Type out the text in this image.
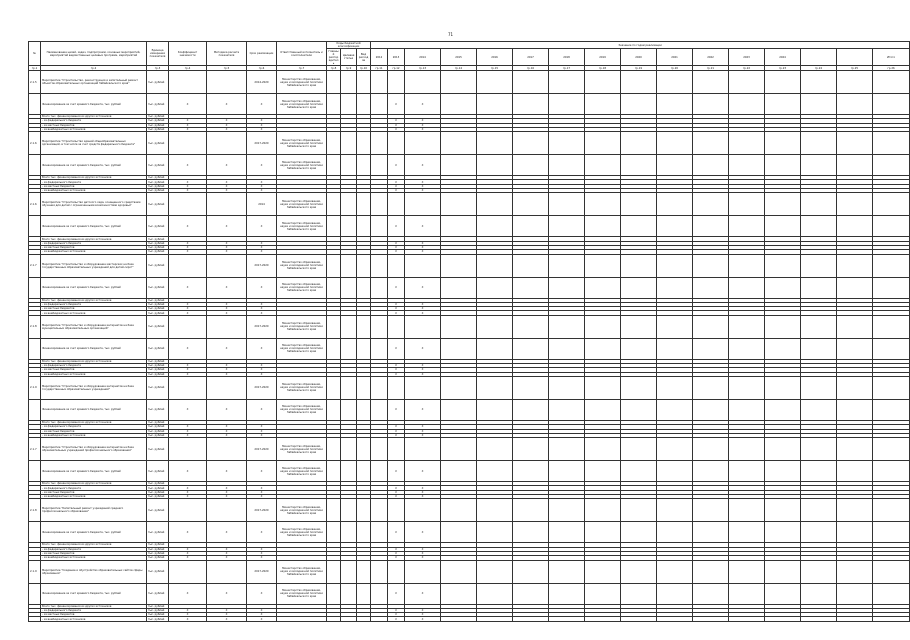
71
№	Наименование целей, задач, подпрограмм, основных мероприятий, мероприятий ведомственных целевых программ, мероприятий	Единица измерения показателя	Коэффициент значимости	Методика расчета показателя	Срок реализации	Ответственный исполнитель и соисполнители	Коды бюджетной классификации			Значение по годам реализации															
							Главный распорядитель	Целевая статья	Вид расходов	2012	2013	2014	2015	2016	2017	2018	2019	2020	2021	2022	2023	2024			Итого
гр.1	гр.2	гр.3	гр.4	гр.5	гр.6	гр.7	гр.8	гр.9	гр.10	гр.11	гр.12	гр.13	гр.14	гр.15	гр.16	гр.17	гр.18	гр.19	гр.20	гр.21	гр.22	гр.23	гр.24	гр.25	гр.26
2.1.5	Мероприятие "Строительство, реконструкция и капитальный ремонт объектов образовательных организаций Забайкальского края"	тыс. рублей			2014-2020	Министерство образования, науки и молодежной политики Забайкальского края																			
	Финансирование за счет краевого бюджета, тыс. рублей	тыс. рублей	X	X	X	Министерство образования, науки и молодежной политики Забайкальского края					X	X													
	Всего тыс. финансирования из других источников	тыс. рублей																							
	- из федерального бюджета	тыс. рублей	X	X	X						X	X													
	- из местных бюджетов	тыс. рублей	X	X	X						X	X													
	- из внебюджетных источников	тыс. рублей	X	X	X						X	X													
2.1.6	Мероприятие "Строительство зданий общеобразовательных организаций, в том числе за счет средств федерального бюджета"	тыс. рублей			2017-2020	Министерство образования, науки и молодежной политики Забайкальского края																			
	Финансирование за счет краевого бюджета, тыс. рублей	тыс. рублей	X	X	X	Министерство образования, науки и молодежной политики Забайкальского края					X	X													
	Всего тыс. финансирования из других источников	тыс. рублей																							
	- из федерального бюджета	тыс. рублей	X	X	X						X	X													
	- из местных бюджетов	тыс. рублей	X	X	X						X	X													
	- из внебюджетных источников	тыс. рублей	X	X	X						X	X													
2.1.6	Мероприятие "Строительство детского сада, оснащенного средствами обучения для детей с ограниченными возможностями здоровья"	тыс. рублей			2014	Министерство образования, науки и молодежной политики Забайкальского края																			
	Финансирование за счет краевого бюджета, тыс. рублей	тыс. рублей	X	X	X	Министерство образования, науки и молодежной политики Забайкальского края					X	X													
	Всего тыс. финансирования из других источников	тыс. рублей																							
	- из федерального бюджета	тыс. рублей	X	X	X						X	X													
	- из местных бюджетов	тыс. рублей	X	X	X						X	X													
	- из внебюджетных источников	тыс. рублей	X	X	X						X	X													
2.1.7	Мероприятие "Строительство и оборудование мастерских на базе государственных образовательных учреждений для детей-сирот"	тыс. рублей			2017-2020	Министерство образования, науки и молодежной политики Забайкальского края																			
	Финансирование за счет краевого бюджета, тыс. рублей	тыс. рублей	X	X	X	Министерство образования, науки и молодежной политики Забайкальского края					X	X													
	Всего тыс. финансирования из других источников	тыс. рублей																							
	- из федерального бюджета	тыс. рублей	X	X	X						X	X													
	- из местных бюджетов	тыс. рублей	X	X	X						X	X													
	- из внебюджетных источников	тыс. рублей	X	X	X						X	X													
2.1.8	Мероприятие "Строительство и оборудование интернатов на базе муниципальных образовательных организаций"	тыс. рублей			2017-2020	Министерство образования, науки и молодежной политики Забайкальского края																			
	Финансирование за счет краевого бюджета, тыс. рублей	тыс. рублей	X	X	X	Министерство образования, науки и молодежной политики Забайкальского края					X	X													
	Всего тыс. финансирования из других источников	тыс. рублей																							
	- из федерального бюджета	тыс. рублей	X	X	X						X	X													
	- из местных бюджетов	тыс. рублей	X	X	X						X	X													
	- из внебюджетных источников	тыс. рублей	X	X	X						X	X													
2.1.9	Мероприятие "Строительство и оборудование интернатов на базе государственных образовательных учреждений"	тыс. рублей			2017-2020	Министерство образования, науки и молодежной политики Забайкальского края																			
	Финансирование за счет краевого бюджета, тыс. рублей	тыс. рублей	X	X	X	Министерство образования, науки и молодежной политики Забайкальского края					X	X													
	Всего тыс. финансирования из других источников	тыс. рублей																							
	- из федерального бюджета	тыс. рублей	X	X	X						X	X													
	- из местных бюджетов	тыс. рублей	X	X	X						X	X													
	- из внебюджетных источников	тыс. рублей	X	X	X						X	X													
2.1.7	Мероприятие "Строительство и оборудование интернатов на базе образовательных учреждений профессионального образования"	тыс. рублей			2017-2020	Министерство образования, науки и молодежной политики Забайкальского края																			
	Финансирование за счет краевого бюджета, тыс. рублей	тыс. рублей	X	X	X	Министерство образования, науки и молодежной политики Забайкальского края					X	X													
	Всего тыс. финансирования из других источников	тыс. рублей																							
	- из федерального бюджета	тыс. рублей	X	X	X						X	X													
	- из местных бюджетов	тыс. рублей	X	X	X						X	X													
	- из внебюджетных источников	тыс. рублей	X	X	X						X	X													
2.1.8	Мероприятие "Капитальный ремонт учреждений среднего профессионального образования"	тыс. рублей			2017-2020	Министерство образования, науки и молодежной политики Забайкальского края																			
	Финансирование за счет краевого бюджета, тыс. рублей	тыс. рублей	X	X	X	Министерство образования, науки и молодежной политики Забайкальского края					X	X													
	Всего тыс. финансирования из других источников	тыс. рублей																							
	- из федерального бюджета	тыс. рублей	X	X	X						X	X													
	- из местных бюджетов	тыс. рублей	X	X	X						X	X													
	- из внебюджетных источников	тыс. рублей	X	X	X						X	X													
2.1.9	Мероприятие "Создание и обустройство образовательных сайтов сферы образования"	тыс. рублей			2017-2020	Министерство образования, науки и молодежной политики Забайкальского края																			
	Финансирование за счет краевого бюджета, тыс. рублей	тыс. рублей	X	X	X	Министерство образования, науки и молодежной политики Забайкальского края					X	X													
	Всего тыс. финансирования из других источников	тыс. рублей																							
	- из федерального бюджета	тыс. рублей	X	X	X						X	X													
	- из местных бюджетов	тыс. рублей	X	X	X						X	X													
	- из внебюджетных источников	тыс. рублей	X	X	X						X	X													
